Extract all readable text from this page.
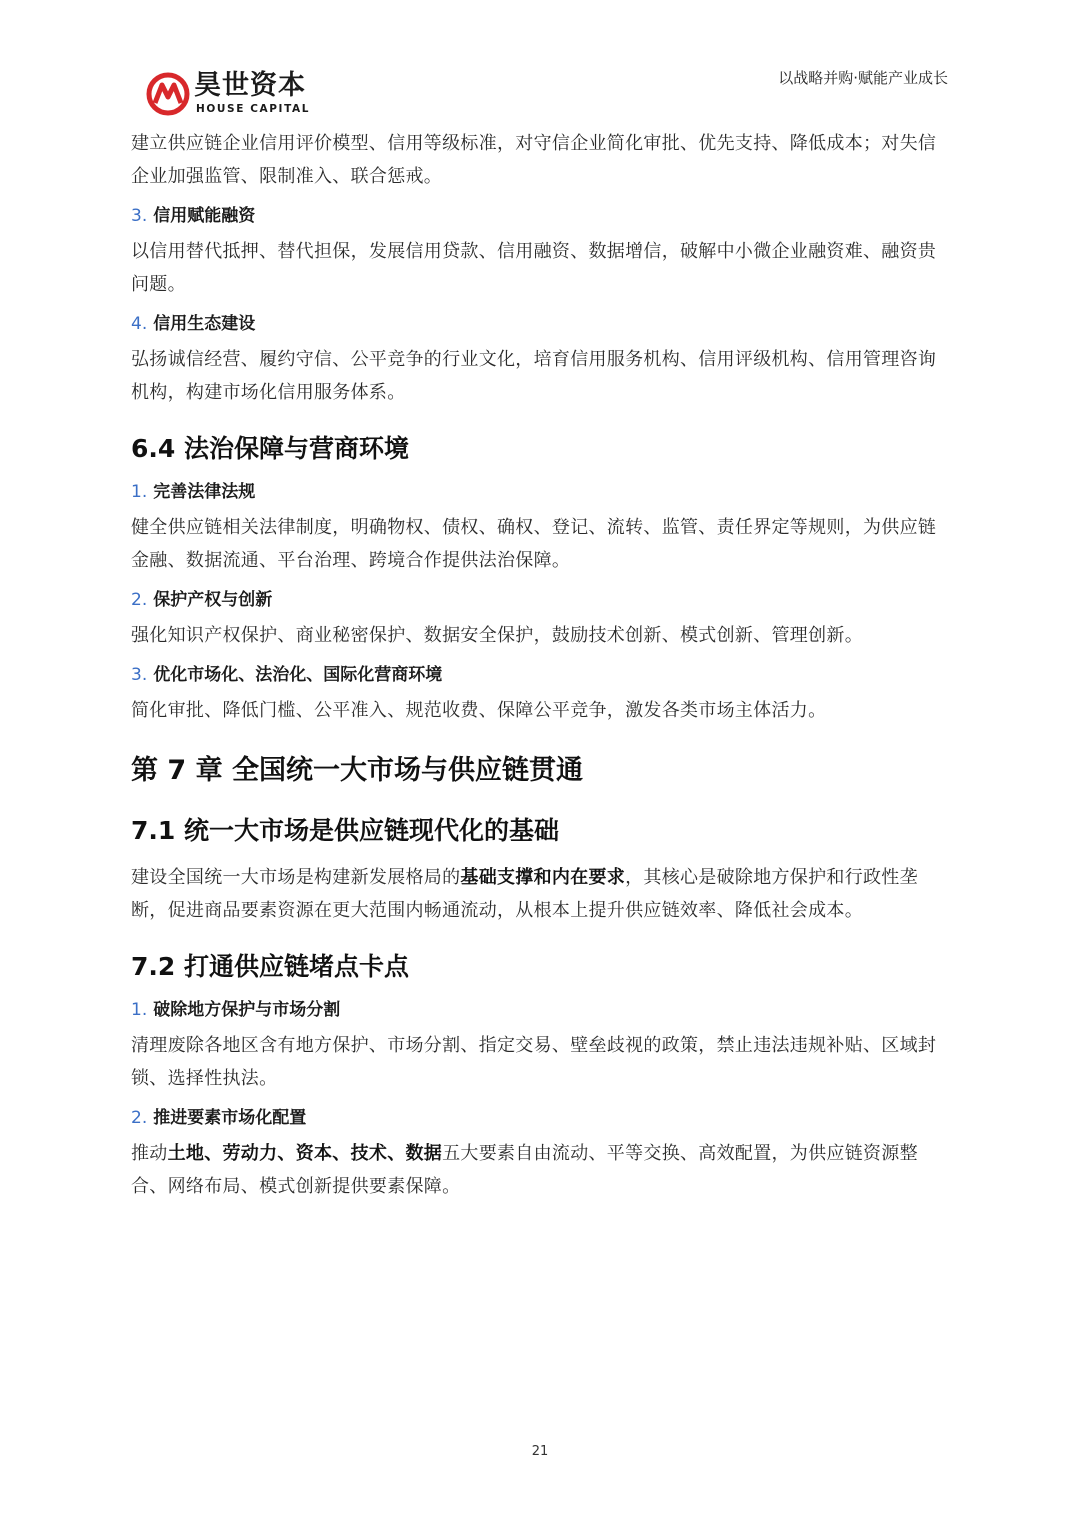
昊世资本
HOUSE CAPITAL
以战略并购·赋能产业成长

建立供应链企业信用评价模型、信用等级标准，对守信企业简化审批、优先支持、降低成本；对失信企业加强监管、限制准入、联合惩戒。

3. 信用赋能融资

以信用替代抵押、替代担保，发展信用贷款、信用融资、数据增信，破解中小微企业融资难、融资贵问题。

4. 信用生态建设

弘扬诚信经营、履约守信、公平竞争的行业文化，培育信用服务机构、信用评级机构、信用管理咨询机构，构建市场化信用服务体系。

6.4 法治保障与营商环境
1. 完善法律法规

健全供应链相关法律制度，明确物权、债权、确权、登记、流转、监管、责任界定等规则，为供应链金融、数据流通、平台治理、跨境合作提供法治保障。

2. 保护产权与创新

强化知识产权保护、商业秘密保护、数据安全保护，鼓励技术创新、模式创新、管理创新。

3. 优化市场化、法治化、国际化营商环境

简化审批、降低门槛、公平准入、规范收费、保障公平竞争，激发各类市场主体活力。

第 7 章 全国统一大市场与供应链贯通
7.1 统一大市场是供应链现代化的基础

建设全国统一大市场是构建新发展格局的基础支撑和内在要求，其核心是破除地方保护和行政性垄断，促进商品要素资源在更大范围内畅通流动，从根本上提升供应链效率、降低社会成本。

7.2 打通供应链堵点卡点
1. 破除地方保护与市场分割

清理废除各地区含有地方保护、市场分割、指定交易、壁垒歧视的政策，禁止违法违规补贴、区域封锁、选择性执法。

2. 推进要素市场化配置

推动土地、劳动力、资本、技术、数据五大要素自由流动、平等交换、高效配置，为供应链资源整合、网络布局、模式创新提供要素保障。

21
